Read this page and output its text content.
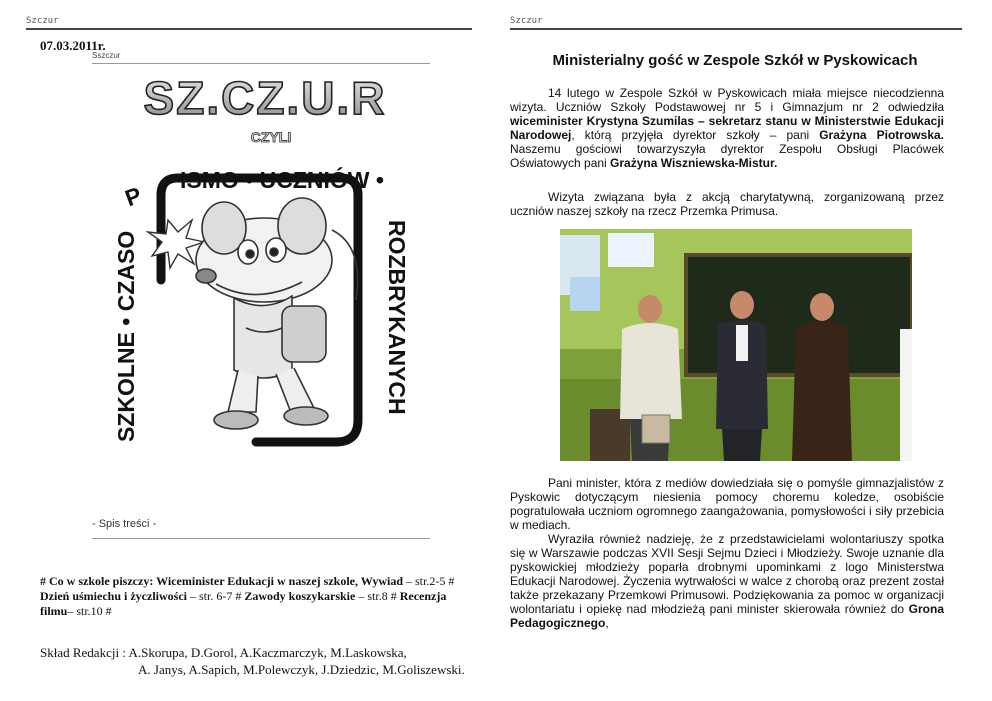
Szczur
07.03.2011r.
Sszczur
SZ.CZ.U.R
CZYLI
ISMO • UCZNIÓW •
P
SZKOLNE • CZASO	ROZBRYKANYCH
- Spis treści -
# Co w szkole piszczy: Wiceminister Edukacji w naszej szkole, Wywiad – str.2-5 # Dzień uśmiechu i życzliwości – str. 6-7 # Zawody koszykarskie – str.8 # Recenzja filmu– str.10 #
Skład Redakcji : A.Skorupa, D.Gorol, A.Kaczmarczyk, M.Laskowska,
A. Janys, A.Sapich, M.Polewczyk, J.Dziedzic, M.Goliszewski.
Szczur
Ministerialny gość w Zespole Szkół w Pyskowicach
14 lutego w Zespole Szkół w Pyskowicach miała miejsce niecodzienna wizyta. Uczniów Szkoły Podstawowej nr 5 i Gimnazjum nr 2 odwiedziła wiceminister Krystyna Szumilas – sekretarz stanu w Ministerstwie Edukacji Narodowej, którą przyjęła dyrektor szkoły – pani Grażyna Piotrowska. Naszemu gościowi towarzyszyła dyrektor Zespołu Obsługi Placówek Oświatowych pani Grażyna Wiszniewska-Mistur.
Wizyta związana była z akcją charytatywną, zorganizowaną przez uczniów naszej szkoły na rzecz Przemka Primusa.
Pani minister, która z mediów dowiedziała się o pomyśle gimnazjalistów z Pyskowic dotyczącym niesienia pomocy choremu koledze, osobiście pogratulowała uczniom ogromnego zaangażowania, pomysłowości i siły przebicia w mediach.
Wyraziła również nadzieję, że z przedstawicielami wolontariuszy spotka się w Warszawie podczas XVII Sesji Sejmu Dzieci i Młodzieży. Swoje uznanie dla pyskowickiej młodzieży poparła drobnymi upominkami z logo Ministerstwa Edukacji Narodowej. Życzenia wytrwałości w walce z chorobą oraz prezent został także przekazany Przemkowi Primusowi. Podziękowania za pomoc w organizacji wolontariatu i opiekę nad młodzieżą pani minister skierowała również do Grona Pedagogicznego,
